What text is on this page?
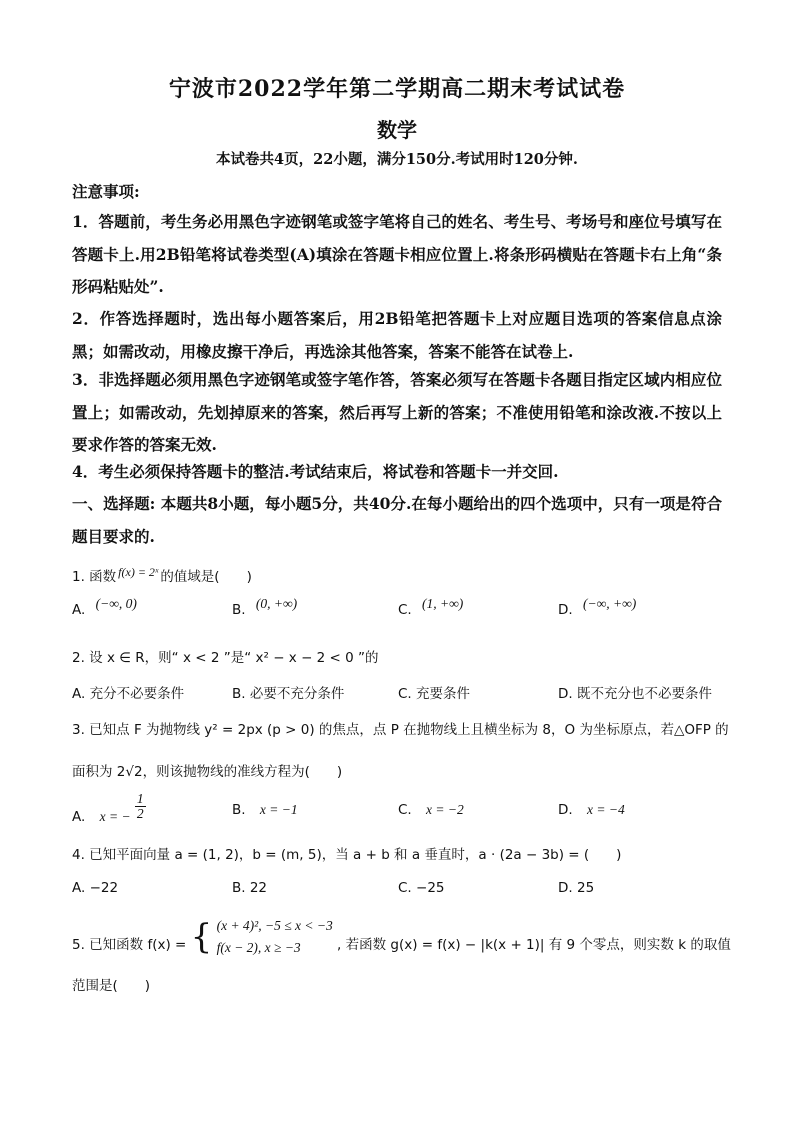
宁波市2022学年第二学期高二期末考试试卷
数学
本试卷共4页，22小题，满分150分.考试用时120分钟.
注意事项:
1．答题前，考生务必用黑色字迹钢笔或签字笔将自己的姓名、考生号、考场号和座位号填写在答题卡上.用2B铅笔将试卷类型(A)填涂在答题卡相应位置上.将条形码横贴在答题卡右上角“条形码粘贴处”.
2．作答选择题时，选出每小题答案后，用2B铅笔把答题卡上对应题目选项的答案信息点涂黑；如需改动，用橡皮擦干净后，再选涂其他答案，答案不能答在试卷上.
3．非选择题必须用黑色字迹钢笔或签字笔作答，答案必须写在答题卡各题目指定区域内相应位置上；如需改动，先划掉原来的答案，然后再写上新的答案；不准使用铅笔和涂改液.不按以上要求作答的答案无效.
4．考生必须保持答题卡的整洁.考试结束后，将试卷和答题卡一并交回.
一、选择题: 本题共8小题，每小题5分，共40分.在每小题给出的四个选项中，只有一项是符合题目要求的.
1. 函数 f(x) = 2ˣ 的值域是(　　)
A. (−∞, 0)	B. (0, +∞)	C. (1, +∞)	D. (−∞, +∞)
2. 设 x ∈ R，则“ x < 2 ”是“ x² − x − 2 < 0 ”的
A. 充分不必要条件	B. 必要不充分条件	C. 充要条件	D. 既不充分也不必要条件
3. 已知点 F 为抛物线 y² = 2px (p > 0) 的焦点，点 P 在抛物线上且横坐标为 8，O 为坐标原点，若△OFP 的
面积为 2√2，则该抛物线的准线方程为(　　)
A. x = − $\frac{1}{2}$	B. x = −1	C. x = −2	D. x = −4
4. 已知平面向量 a = (1, 2)，b = (m, 5)，当 a + b 和 a 垂直时，a · (2a − 3b) = (　　)
A. −22	B. 22	C. −25	D. 25
5. 已知函数 f(x) = { (x + 4)², −5 ≤ x < −3
f(x − 2), x ≥ −3	, 若函数 g(x) = f(x) − |k(x + 1)| 有 9 个零点，则实数 k 的取值
范围是(　　)
